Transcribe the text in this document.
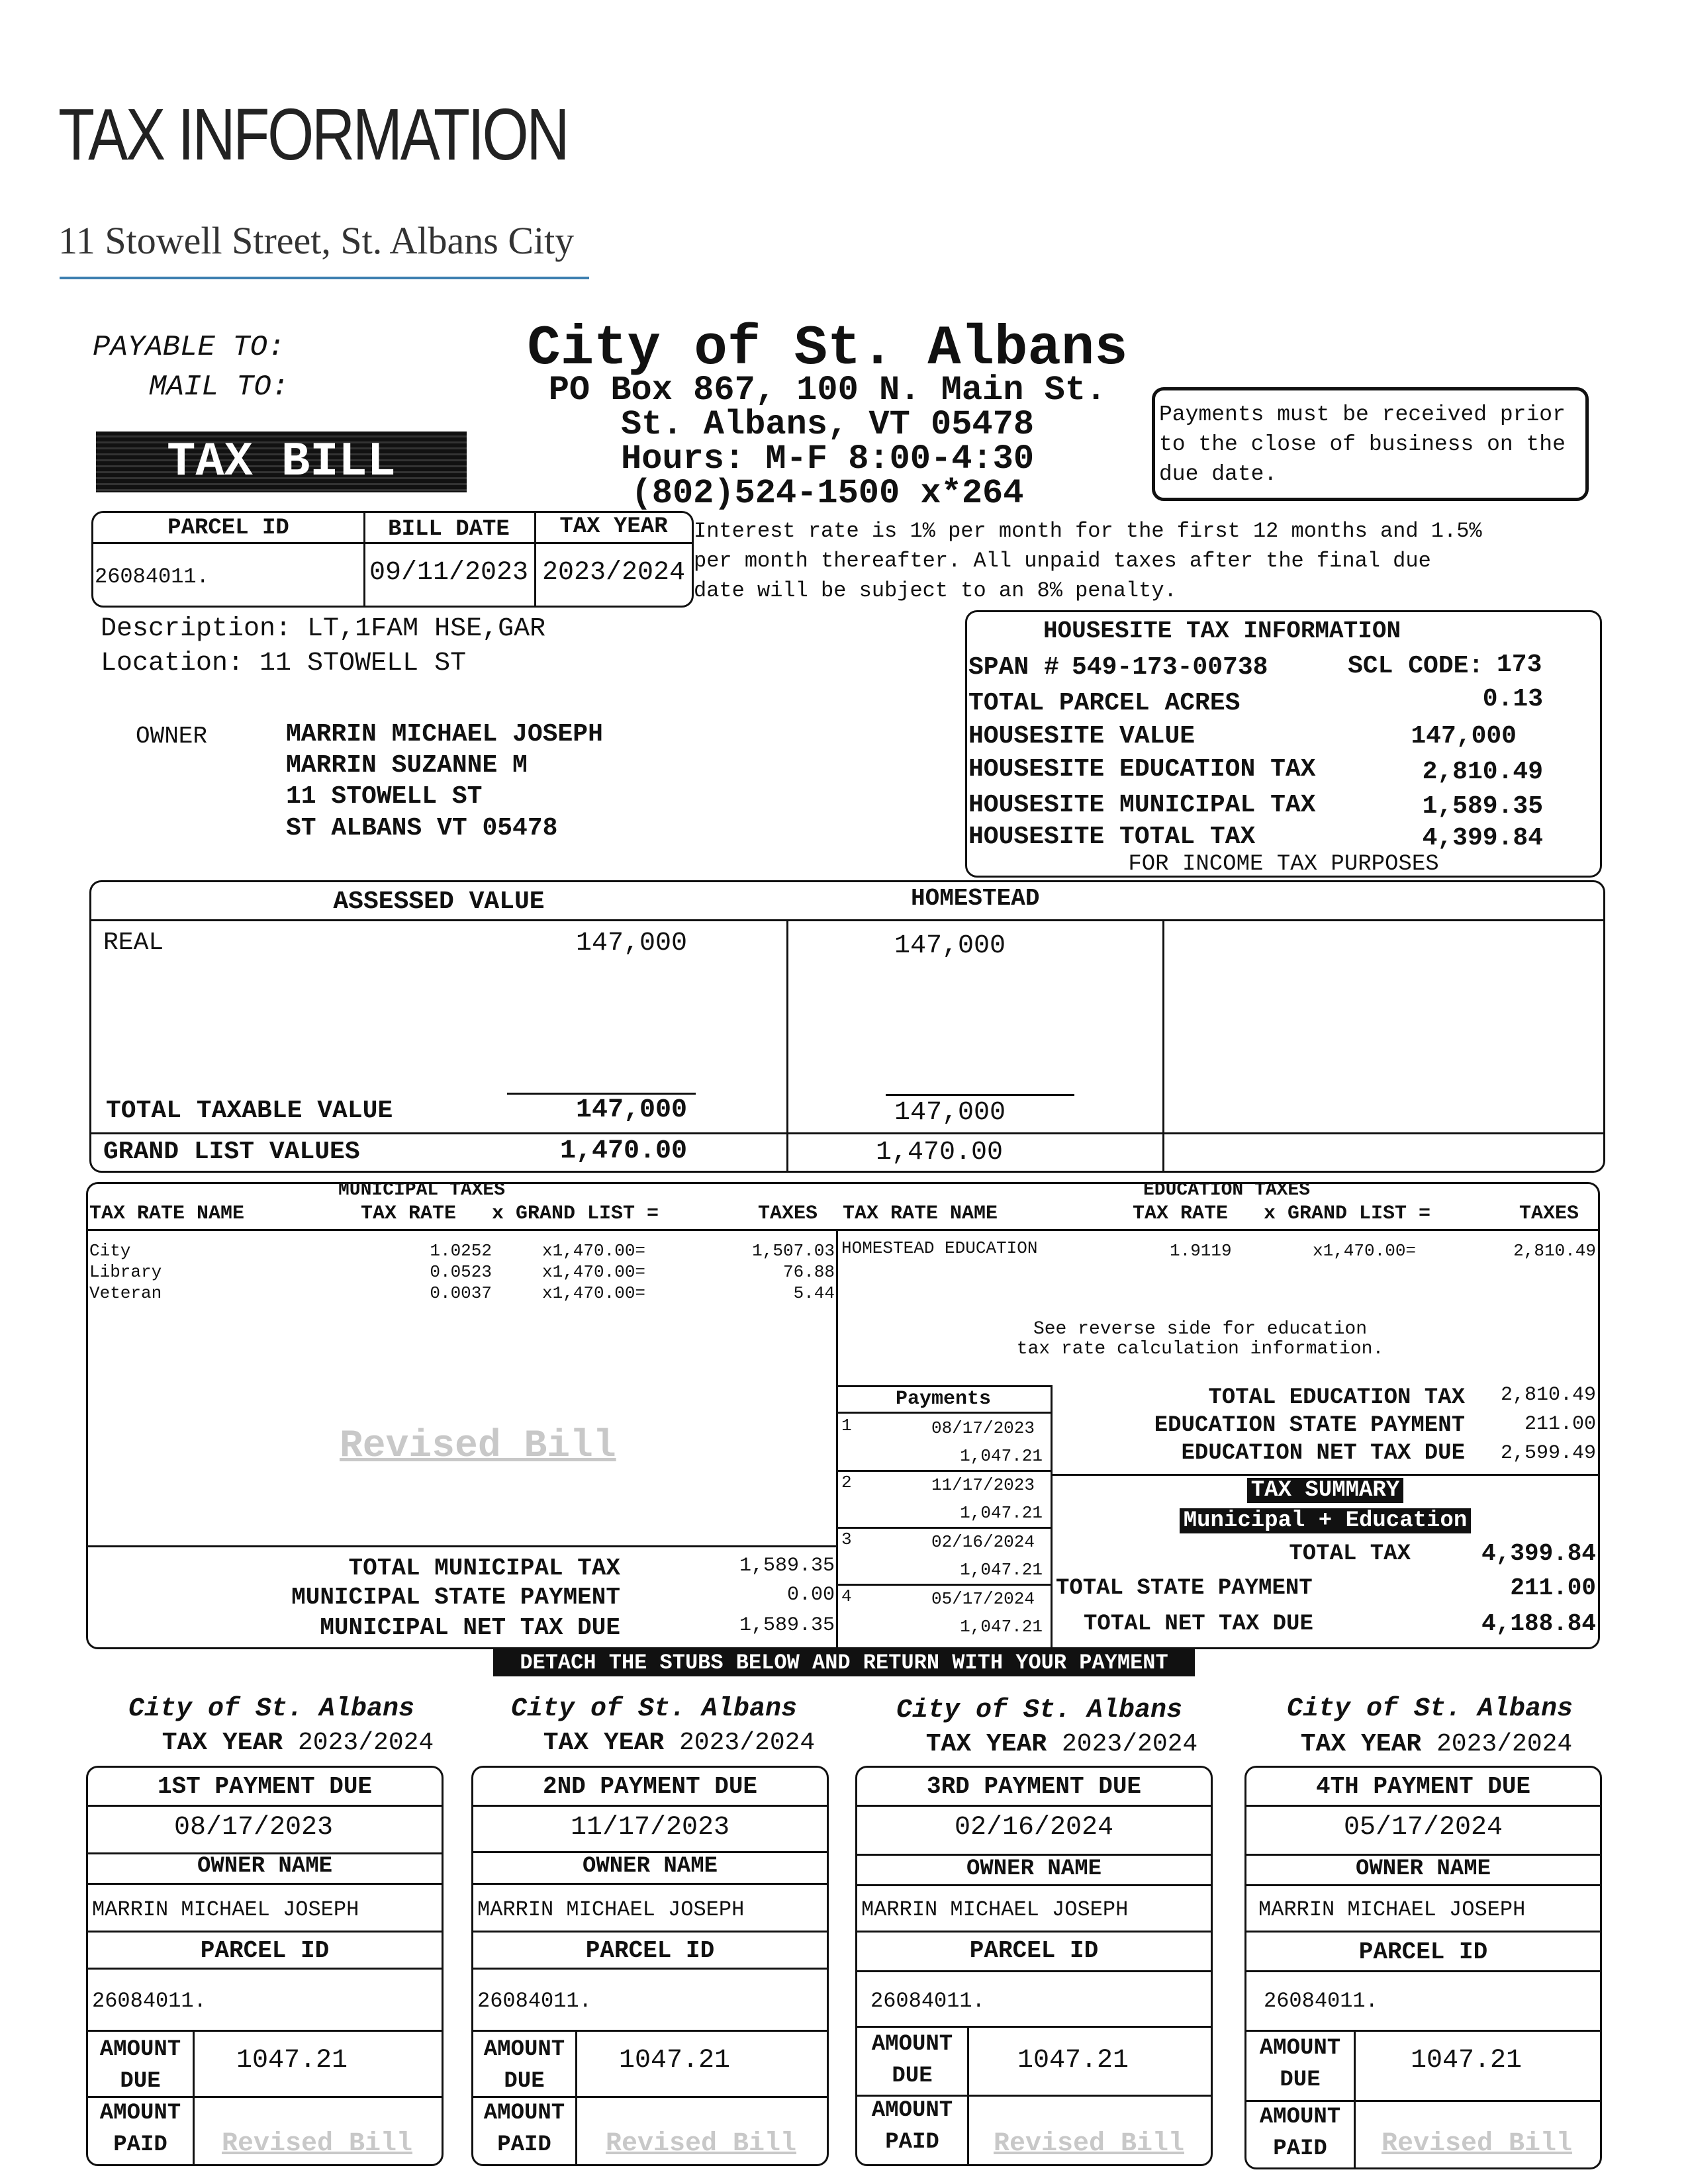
TAX INFORMATION
11 Stowell Street, St. Albans City
PAYABLE TO:
MAIL TO:
City of St. Albans
PO Box 867, 100 N. Main St.
St. Albans, VT 05478
Hours: M-F 8:00-4:30
(802)524-1500 x*264
TAX BILL
Payments must be received prior to the close of business on the due date.
PARCEL ID	BILL DATE	TAX YEAR
26084011.	09/11/2023 2023/2024
Interest rate is 1% per month for the first 12 months and 1.5% per month thereafter. All unpaid taxes after the final due date will be subject to an 8% penalty.
Description: LT,1FAM HSE,GAR
Location: 11 STOWELL ST
OWNER	MARRIN MICHAEL JOSEPH
MARRIN SUZANNE M
11 STOWELL ST
ST ALBANS VT 05478
HOUSESITE TAX INFORMATION
SPAN # 549-173-00738	SCL CODE: 173
TOTAL PARCEL ACRES	0.13
HOUSESITE VALUE	147,000
HOUSESITE EDUCATION TAX	2,810.49
HOUSESITE MUNICIPAL TAX	1,589.35
HOUSESITE TOTAL TAX	4,399.84
FOR INCOME TAX PURPOSES
ASSESSED VALUE	HOMESTEAD
REAL	147,000	147,000
TOTAL TAXABLE VALUE	147,000	147,000
GRAND LIST VALUES	1,470.00	1,470.00
MUNICIPAL TAXES
TAX RATE NAME	TAX RATE x GRAND LIST =	TAXES
City	1.0252	x1,470.00=	1,507.03
Library	0.0523	x1,470.00=	76.88
Veteran	0.0037	x1,470.00=	5.44
Revised Bill
TOTAL MUNICIPAL TAX	1,589.35
MUNICIPAL STATE PAYMENT	0.00
MUNICIPAL NET TAX DUE	1,589.35
EDUCATION TAXES
TAX RATE NAME	TAX RATE x GRAND LIST =	TAXES
HOMESTEAD EDUCATION	1.9119	x1,470.00=	2,810.49
See reverse side for education
tax rate calculation information.
TOTAL EDUCATION TAX	2,810.49
EDUCATION STATE PAYMENT	211.00
EDUCATION NET TAX DUE	2,599.49
Payments
1	08/17/2023
1,047.21
2	11/17/2023
1,047.21
3	02/16/2024
1,047.21
4	05/17/2024
1,047.21
TAX SUMMARY
Municipal + Education
TOTAL TAX	4,399.84
TOTAL STATE PAYMENT	211.00
TOTAL NET TAX DUE	4,188.84
DETACH THE STUBS BELOW AND RETURN WITH YOUR PAYMENT
City of St. Albans
TAX YEAR 2023/2024
1ST PAYMENT DUE
08/17/2023
OWNER NAME
MARRIN MICHAEL JOSEPH
PARCEL ID
26084011.
AMOUNT
DUE
1047.21
AMOUNT
PAID	Revised Bill
City of St. Albans
TAX YEAR 2023/2024
2ND PAYMENT DUE
11/17/2023
OWNER NAME
MARRIN MICHAEL JOSEPH
PARCEL ID
26084011.
AMOUNT
DUE
1047.21
AMOUNT
PAID	Revised Bill
City of St. Albans
TAX YEAR 2023/2024
3RD PAYMENT DUE
02/16/2024
OWNER NAME
MARRIN MICHAEL JOSEPH
PARCEL ID
26084011.
AMOUNT
DUE
1047.21
AMOUNT
PAID	Revised Bill
City of St. Albans
TAX YEAR 2023/2024
4TH PAYMENT DUE
05/17/2024
OWNER NAME
MARRIN MICHAEL JOSEPH
PARCEL ID
26084011.
AMOUNT
DUE
1047.21
AMOUNT
PAID	Revised Bill
